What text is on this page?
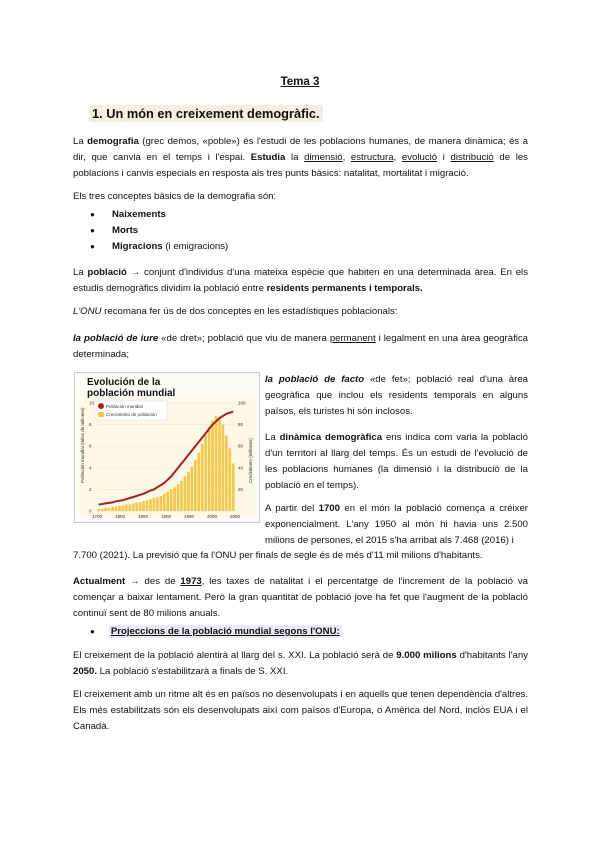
Tema 3
1. Un món en creixement demogràfic.

La demografia (grec demos, «poble») és l'estudi de les poblacions humanes, de manera dinàmica; és a dir, que canvia en el temps i l'espai. Estudia la dimensió, estructura, evolució i distribució de les poblacions i canvis especials en resposta als tres punts bàsics: natalitat, mortalitat i migració.

Els tres conceptes bàsics de la demografia són:

● Naixements
● Morts
● Migracions (i emigracions)

La població → conjunt d'individus d'una mateixa espècie que habiten en una determinada àrea. En els estudis demogràfics dividim la població entre residents permanents i temporals.

L'ONU recomana fer ús de dos conceptes en les estadístiques poblacionals:

la població de iure «de dret»; població que viu de manera permanent i legalment en una àrea geogràfica determinada;

Evolución de la
población mundial
Población mundial
Crecimiento de población
Población mundial (miles de millones)	Crecimiento (millones)
1700	1800	1850	1900	1950	2000	2050
0
2
4
6
8
10
20
40
60
80
100

la població de facto «de fet»; població real d'una àrea geogràfica que inclou els residents temporals en alguns països, els turistes hi són inclosos.

La dinàmica demogràfica ens indica com varia la població d'un territori al llarg del temps. És un estudi de l'evolució de les poblacions humanes (la dimensió i la distribució de la població en el temps).

A partir del 1700 en el món la població comença a créixer exponencialment. L'any 1950 al món hi havia uns 2.500 milions de persones, el 2015 s'ha arribat als 7.468 (2016) i

7.700 (2021). La previsió que fa l'ONU per finals de segle és de més d'11 mil milions d'habitants.

Actualment → des de 1973, les taxes de natalitat i el percentatge de l'increment de la població va començar a baixar lentament. Però la gran quantitat de població jove ha fet que l'augment de la població continuï sent de 80 milions anuals.

● Projeccions de la població mundial segons l'ONU:

El creixement de la població alentirà al llarg del s. XXI. La població serà de 9.000 milions d'habitants l'any 2050. La població s'estabilitzarà a finals de S. XXI.

El creixement amb un ritme alt és en països no desenvolupats i en aquells que tenen dependència d'altres. Els més estabilitzats són els desenvolupats així com països d'Europa, o Amèrica del Nord, inclòs EUA i el Canadà.
